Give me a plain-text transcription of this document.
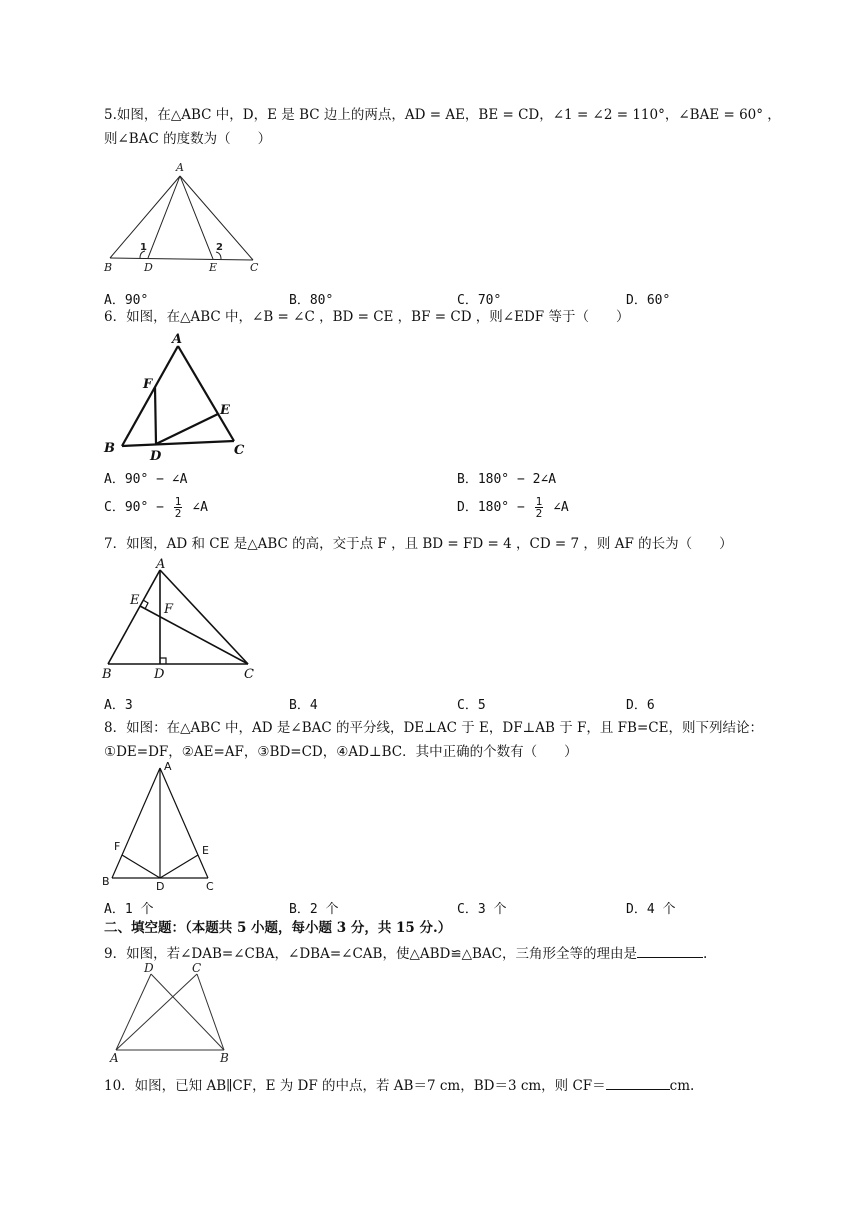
5.如图，在△ABC 中，D，E 是 BC 边上的两点，AD = AE，BE = CD，∠1 = ∠2 = 110°，∠BAE = 60° ，
则∠BAC 的度数为（　　）
A
B	D	E	C
1	2
A．90°	B．80°	C．70°	D．60°
6．如图，在△ABC 中，∠B = ∠C ，BD = CE ，BF = CD ，则∠EDF 等于（　　）
A
F
E
B
D	C
A．90° − ∠A	B．180° − 2∠A
C．$90^\circ - \frac{1}{2}$ ∠A	D．$180^\circ - \frac{1}{2}$ ∠A
7．如图，AD 和 CE 是△ABC 的高，交于点 F ，且 BD = FD = 4 ，CD = 7 ，则 AF 的长为（　　）
A
E
F
B	D	C
A．3	B．4	C．5	D．6
8．如图：在△ABC 中，AD 是∠BAC 的平分线，DE⊥AC 于 E，DF⊥AB 于 F，且 FB=CE，则下列结论：
①DE=DF，②AE=AF，③BD=CD，④AD⊥BC．其中正确的个数有（　　）
A
F	E
B	D	C
A．1 个	B．2 个	C．3 个	D．4 个
二、填空题：（本题共 5 小题，每小题 3 分，共 15 分.）
9．如图，若∠DAB=∠CBA，∠DBA=∠CAB，使△ABD≌△BAC，三角形全等的理由是	.
D	C
A	B
10．如图，已知 AB∥CF，E 为 DF 的中点，若 AB＝7 cm，BD＝3 cm，则 CF＝	cm.
